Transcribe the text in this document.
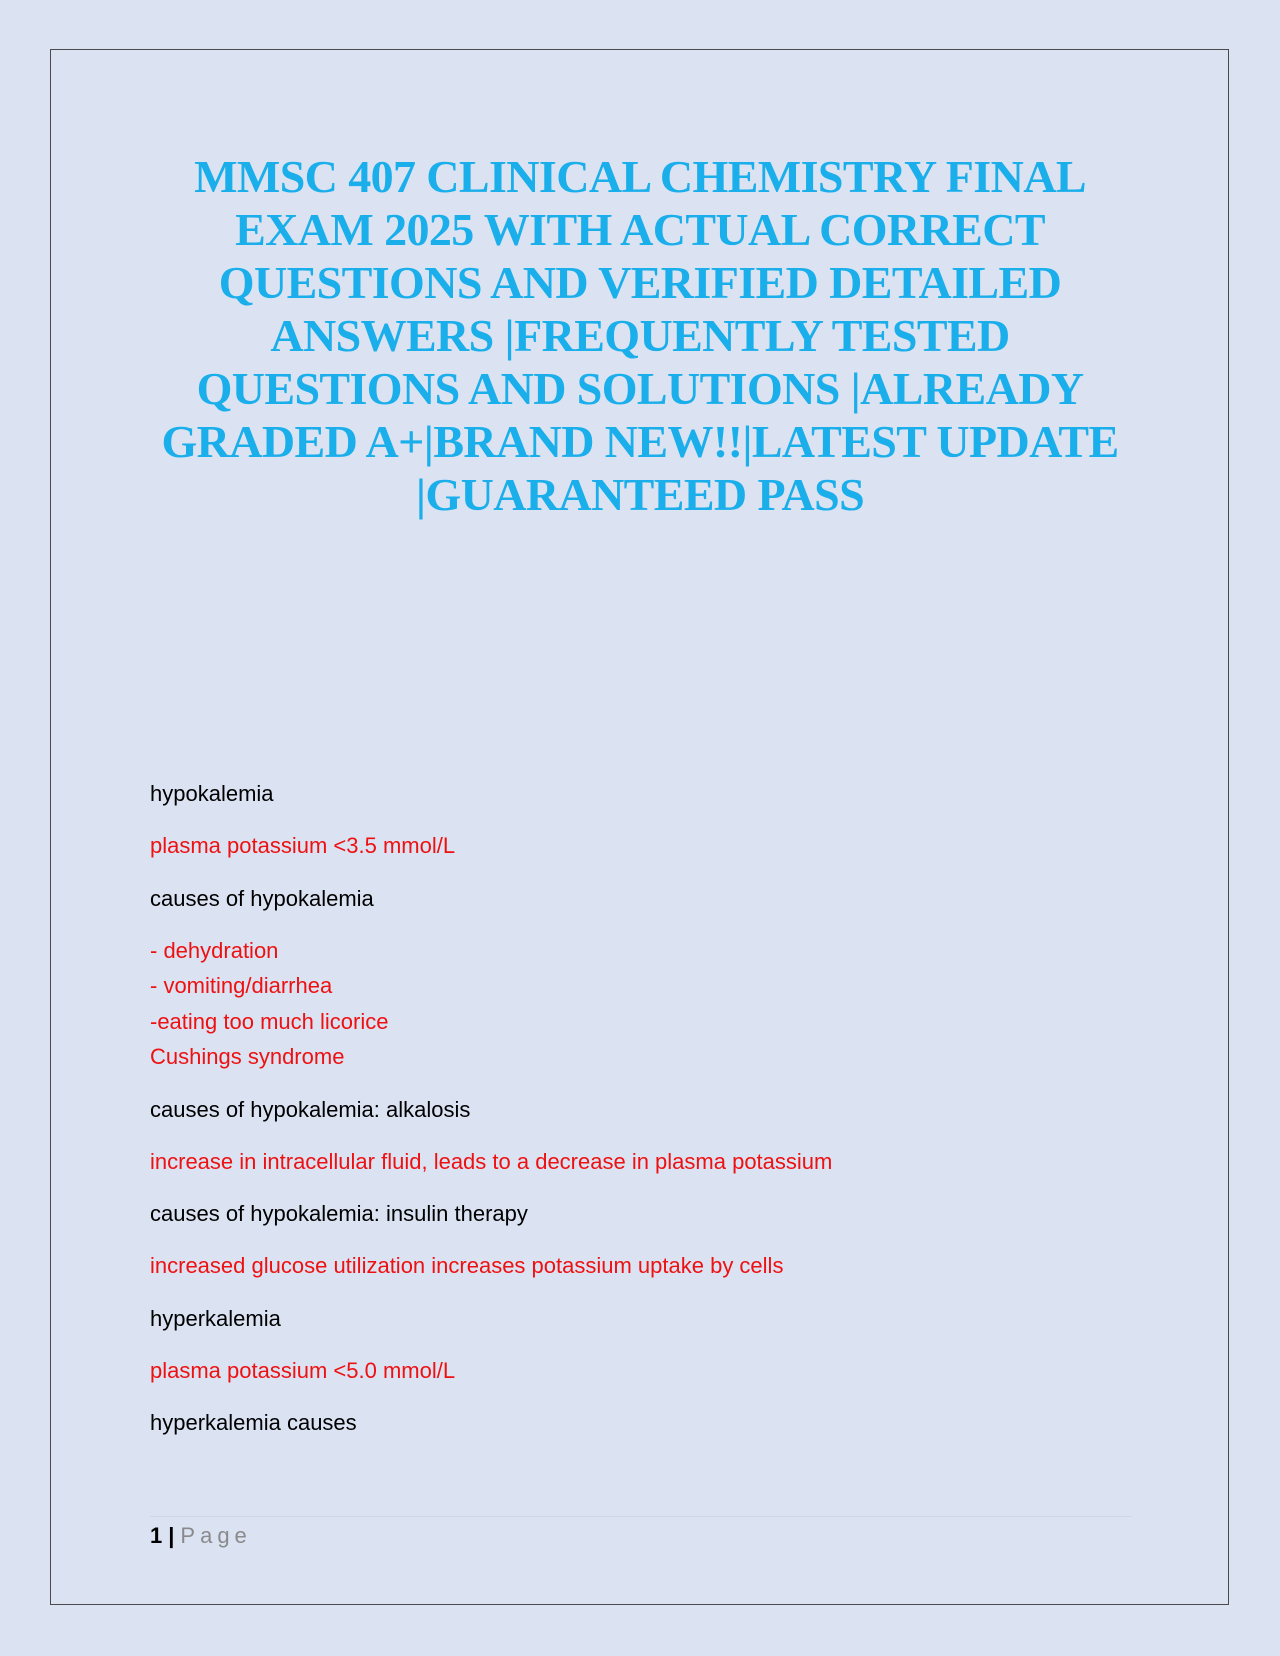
MMSC 407 CLINICAL CHEMISTRY FINAL
EXAM 2025 WITH ACTUAL CORRECT
QUESTIONS AND VERIFIED DETAILED
ANSWERS |FREQUENTLY TESTED
QUESTIONS AND SOLUTIONS |ALREADY
GRADED A+|BRAND NEW!!|LATEST UPDATE
|GUARANTEED PASS
hypokalemia
plasma potassium <3.5 mmol/L
causes of hypokalemia
- dehydration
- vomiting/diarrhea
-eating too much licorice
Cushings syndrome
causes of hypokalemia: alkalosis
increase in intracellular fluid, leads to a decrease in plasma potassium
causes of hypokalemia: insulin therapy
increased glucose utilization increases potassium uptake by cells
hyperkalemia
plasma potassium <5.0 mmol/L
hyperkalemia causes
1 | Page
